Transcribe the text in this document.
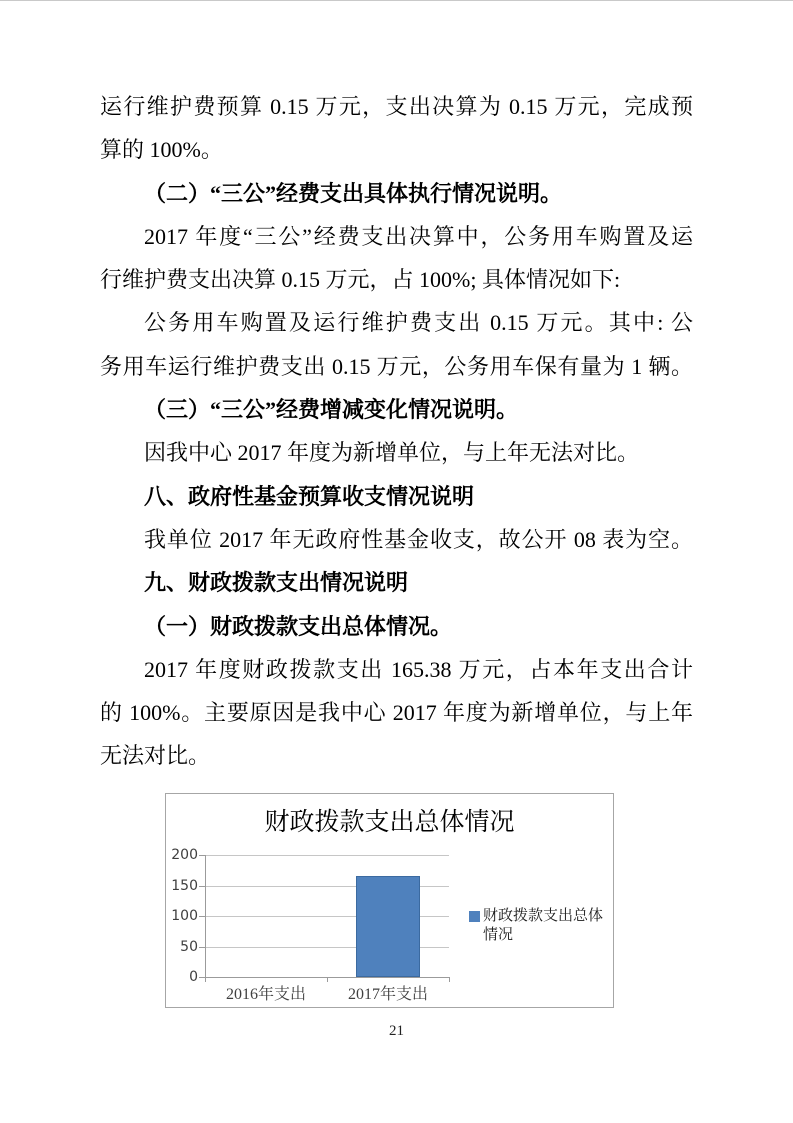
运行维护费预算 0.15 万元，支出决算为 0.15 万元，完成预
算的 100%。
（二）“三公”经费支出具体执行情况说明。
2017 年度“三公”经费支出决算中，公务用车购置及运
行维护费支出决算 0.15 万元，占 100%; 具体情况如下:
公务用车购置及运行维护费支出 0.15 万元。其中: 公
务用车运行维护费支出 0.15 万元，公务用车保有量为 1 辆。
（三）“三公”经费增减变化情况说明。
因我中心 2017 年度为新增单位，与上年无法对比。
八、政府性基金预算收支情况说明
我单位 2017 年无政府性基金收支，故公开 08 表为空。
九、财政拨款支出情况说明
（一）财政拨款支出总体情况。
2017 年度财政拨款支出 165.38 万元，占本年支出合计
的 100%。主要原因是我中心 2017 年度为新增单位，与上年
无法对比。
财政拨款支出总体情况
财政拨款支出总体情况
0
50
100
150
200
2016年支出	2017年支出
21
